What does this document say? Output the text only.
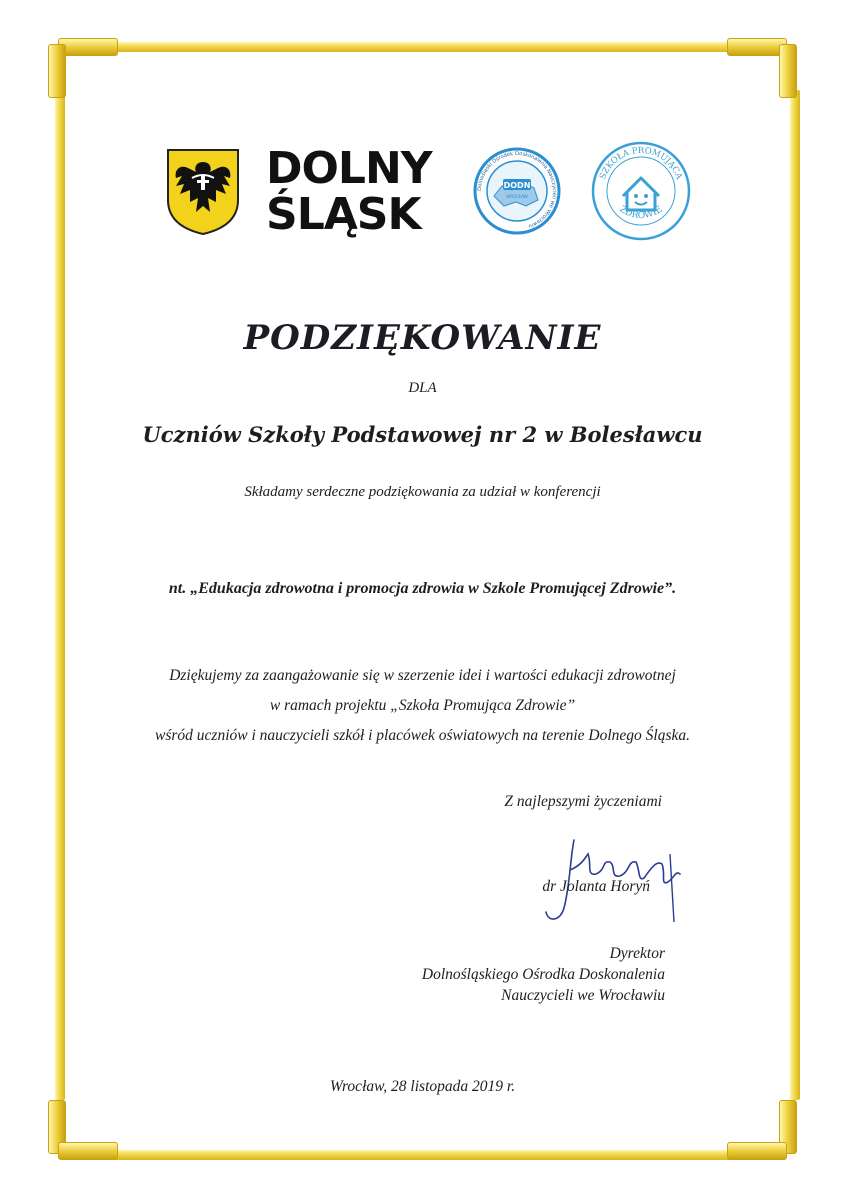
DOLNY
ŚLĄSK
DODN
WROCŁAW
Dolnośląski Ośrodek Doskonalenia Nauczycieli we Wrocławiu
SZKOŁA PROMUJĄCA
ZDROWIE
PODZIĘKOWANIE
DLA
Uczniów Szkoły Podstawowej nr 2 w Bolesławcu
Składamy serdeczne podziękowania za udział w konferencji
nt. „Edukacja zdrowotna i promocja zdrowia w Szkole Promującej Zdrowie”.
Dziękujemy za zaangażowanie się w szerzenie idei i wartości edukacji zdrowotnej
w ramach projektu „Szkoła Promująca Zdrowie”
wśród uczniów i nauczycieli szkół i placówek oświatowych na terenie Dolnego Śląska.
Z najlepszymi życzeniami
dr Jolanta Horyń
Dyrektor
Dolnośląskiego Ośrodka Doskonalenia
Nauczycieli we Wrocławiu
Wrocław, 28 listopada 2019 r.
